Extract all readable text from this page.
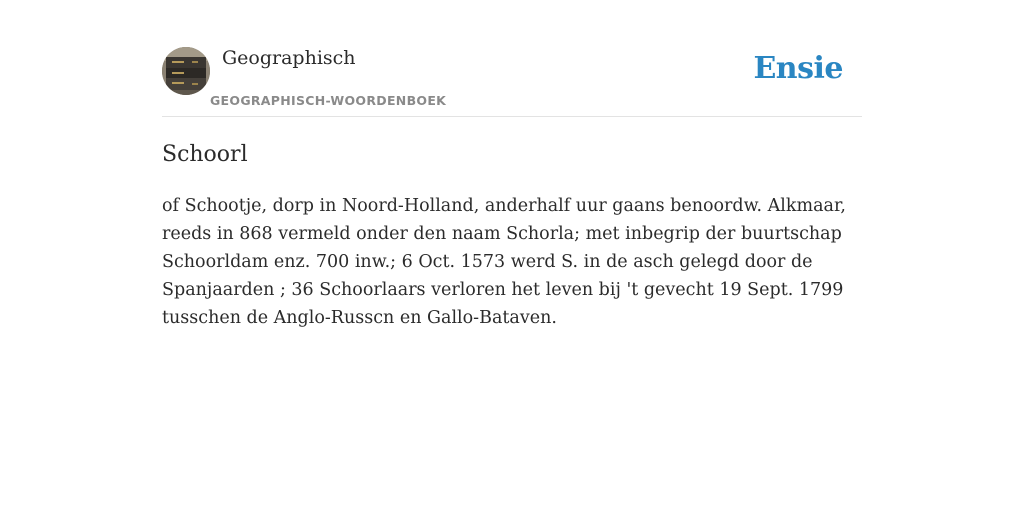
Geographisch
GEOGRAPHISCH-WOORDENBOEK
Ensie
Schoorl

of Schootje, dorp in Noord-Holland, anderhalf uur gaans benoordw. Alkmaar, reeds in 868 vermeld onder den naam Schorla; met inbegrip der buurtschap Schoorldam enz. 700 inw.; 6 Oct. 1573 werd S. in de asch gelegd door de Spanjaarden ; 36 Schoorlaars verloren het leven bij 't gevecht 19 Sept. 1799 tusschen de Anglo-Russcn en Gallo-Bataven.
